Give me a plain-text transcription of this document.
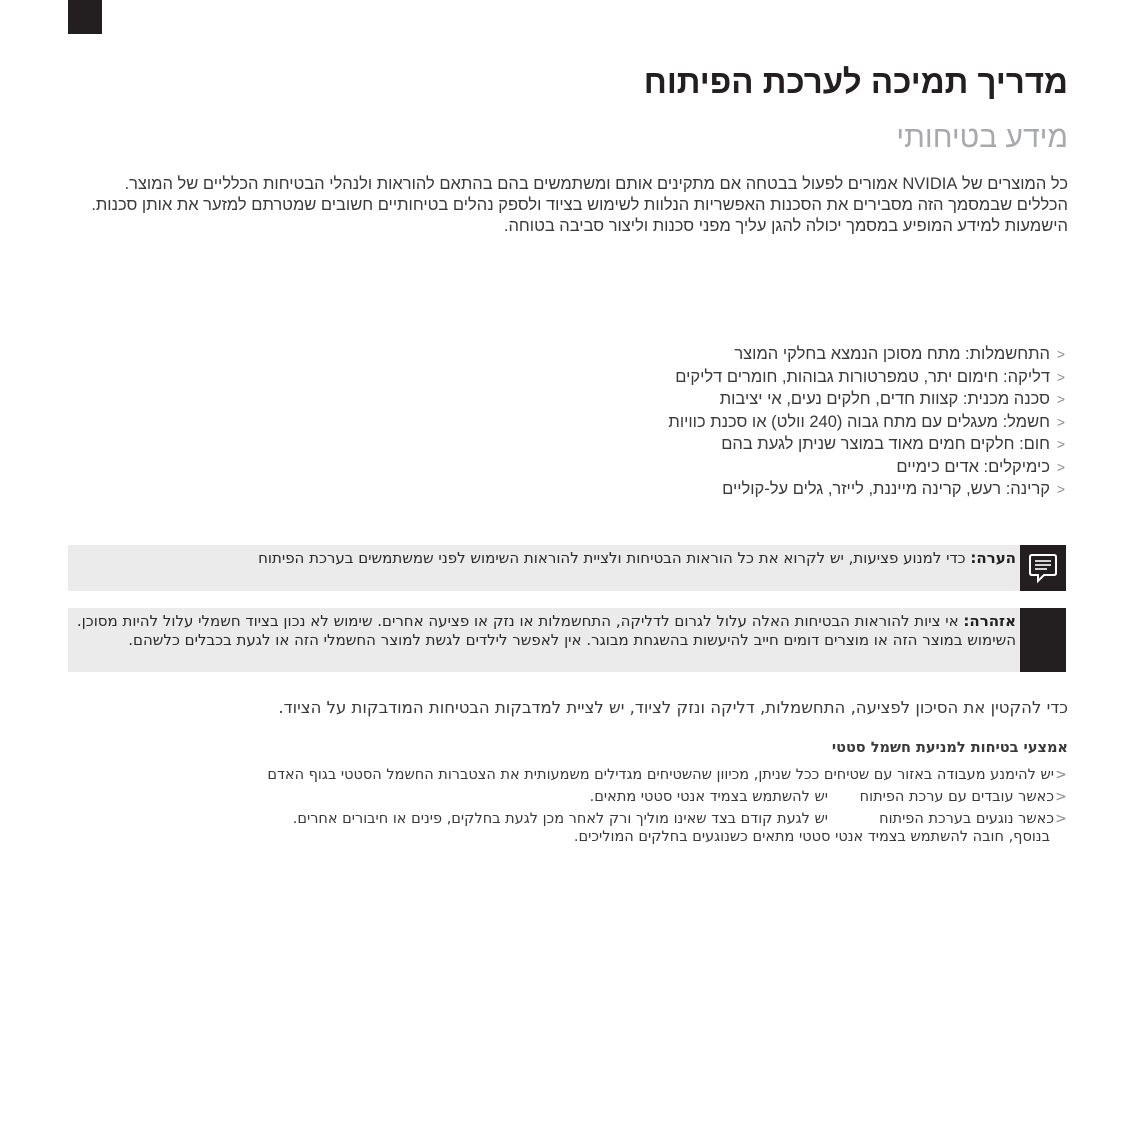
מדריך תמיכה לערכת הפיתוח
מידע בטיחותי

כל המוצרים של NVIDIA אמורים לפעול בבטחה אם מתקינים אותם ומשתמשים בהם בהתאם להוראות ולנהלי הבטיחות הכלליים של המוצר.

הכללים שבמסמך הזה מסבירים את הסכנות האפשריות הנלוות לשימוש בציוד ולספק נהלים בטיחותיים חשובים שמטרתם למזער את אותן סכנות.

הישמעות למידע המופיע במסמך יכולה להגן עליך מפני סכנות וליצור סביבה בטוחה.

<
התחשמלות: מתח מסוכן הנמצא בחלקי המוצר
<
דליקה: חימום יתר, טמפרטורות גבוהות, חומרים דליקים
<
סכנה מכנית: קצוות חדים, חלקים נעים, אי יציבות
<
חשמל: מעגלים עם מתח גבוה (240 וולט) או סכנת כוויות
<
חום: חלקים חמים מאוד במוצר שניתן לגעת בהם
<
כימיקלים: אדים כימיים
<
קרינה: רעש, קרינה מייננת, לייזר, גלים על-קוליים
הערה: כדי למנוע פציעות, יש לקרוא את כל הוראות הבטיחות ולציית להוראות השימוש לפני שמשתמשים בערכת הפיתוח
אזהרה: אי ציות להוראות הבטיחות האלה עלול לגרום לדליקה, התחשמלות או נזק או פציעה אחרים. שימוש לא נכון בציוד חשמלי עלול להיות מסוכן. השימוש במוצר הזה או מוצרים דומים חייב להיעשות בהשגחת מבוגר. אין לאפשר לילדים לגשת למוצר החשמלי הזה או לגעת בכבלים כלשהם.
כדי להקטין את הסיכון לפציעה, התחשמלות, דליקה ונזק לציוד, יש לציית למדבקות הבטיחות המודבקות על הציוד.
אמצעי בטיחות למניעת חשמל סטטי
<
יש להימנע מעבודה באזור עם שטיחים ככל שניתן, מכיוון שהשטיחים מגדילים משמעותית את הצטברות החשמל הסטטי בגוף האדם
<
כאשר עובדים עם ערכת הפיתוח
יש להשתמש בצמיד אנטי סטטי מתאים.
<
כאשר נוגעים בערכת הפיתוח
יש לגעת קודם בצד שאינו מוליך ורק לאחר מכן לגעת בחלקים, פינים או חיבורים אחרים.
בנוסף, חובה להשתמש בצמיד אנטי סטטי מתאים כשנוגעים בחלקים המוליכים.
